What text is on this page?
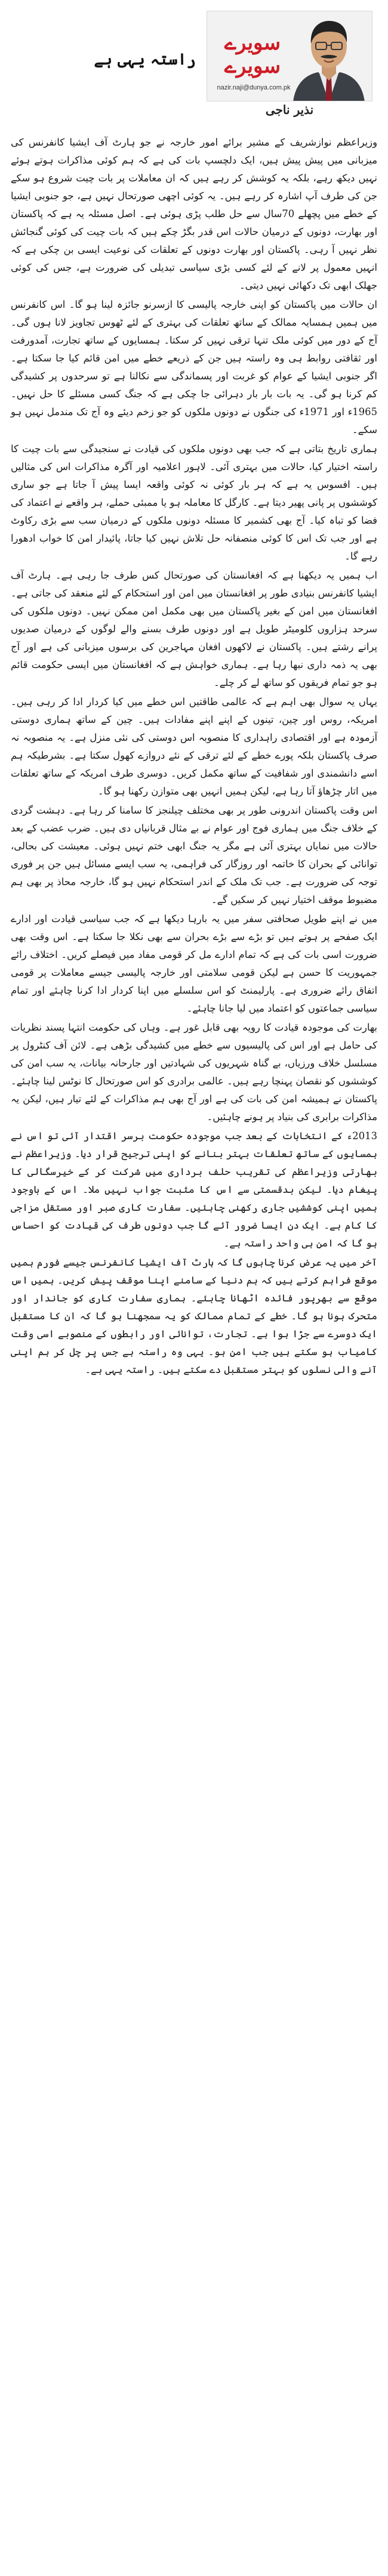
راستہ یہی ہے
سویرے
سویرے
nazir.naji@dunya.com.pk
نذیر ناجی

وزیراعظم نوازشریف کے مشیر برائے امور خارجہ نے جو ہارٹ آف ایشیا کانفرنس کی میزبانی میں پیش پیش ہیں، ایک دلچسپ بات کی ہے کہ ہم کوئی مذاکرات ہوتے ہوئے نہیں دیکھ رہے، بلکہ یہ کوشش کر رہے ہیں کہ ان معاملات پر بات چیت شروع ہو سکے جن کی طرف آپ اشارہ کر رہے ہیں۔ یہ کوئی اچھی صورتحال نہیں ہے، جو جنوبی ایشیا کے خطے میں پچھلے 70سال سے حل طلب پڑی ہوئی ہے۔ اصل مسئلہ یہ ہے کہ پاکستان اور بھارت، دونوں کے درمیان حالات اس قدر بگڑ چکے ہیں کہ بات چیت کی کوئی گنجائش نظر نہیں آ رہی۔ پاکستان اور بھارت دونوں کے تعلقات کی نوعیت ایسی بن چکی ہے کہ انہیں معمول پر لانے کے لئے کسی بڑی سیاسی تبدیلی کی ضرورت ہے، جس کی کوئی جھلک ابھی تک دکھائی نہیں دیتی۔

ان حالات میں پاکستان کو اپنی خارجہ پالیسی کا ازسرنو جائزہ لینا ہو گا۔ اس کانفرنس میں ہمیں ہمسایہ ممالک کے ساتھ تعلقات کی بہتری کے لئے ٹھوس تجاویز لانا ہوں گی۔ آج کے دور میں کوئی ملک تنہا ترقی نہیں کر سکتا۔ ہمسایوں کے ساتھ تجارت، آمدورفت اور ثقافتی روابط ہی وہ راستہ ہیں جن کے ذریعے خطے میں امن قائم کیا جا سکتا ہے۔ اگر جنوبی ایشیا کے عوام کو غربت اور پسماندگی سے نکالنا ہے تو سرحدوں پر کشیدگی کم کرنا ہو گی۔ یہ بات بار بار دہرائی جا چکی ہے کہ جنگ کسی مسئلے کا حل نہیں۔ 1965ء اور 1971ء کی جنگوں نے دونوں ملکوں کو جو زخم دیئے وہ آج تک مندمل نہیں ہو سکے۔

ہماری تاریخ بتاتی ہے کہ جب بھی دونوں ملکوں کی قیادت نے سنجیدگی سے بات چیت کا راستہ اختیار کیا، حالات میں بہتری آئی۔ لاہور اعلامیہ اور آگرہ مذاکرات اس کی مثالیں ہیں۔ افسوس یہ ہے کہ ہر بار کوئی نہ کوئی واقعہ ایسا پیش آ جاتا ہے جو ساری کوششوں پر پانی پھیر دیتا ہے۔ کارگل کا معاملہ ہو یا ممبئی حملے، ہر واقعے نے اعتماد کی فضا کو تباہ کیا۔ آج بھی کشمیر کا مسئلہ دونوں ملکوں کے درمیان سب سے بڑی رکاوٹ ہے اور جب تک اس کا کوئی منصفانہ حل تلاش نہیں کیا جاتا، پائیدار امن کا خواب ادھورا رہے گا۔

اب ہمیں یہ دیکھنا ہے کہ افغانستان کی صورتحال کس طرف جا رہی ہے۔ ہارٹ آف ایشیا کانفرنس بنیادی طور پر افغانستان میں امن اور استحکام کے لئے منعقد کی جاتی ہے۔ افغانستان میں امن کے بغیر پاکستان میں بھی مکمل امن ممکن نہیں۔ دونوں ملکوں کی سرحد ہزاروں کلومیٹر طویل ہے اور دونوں طرف بسنے والے لوگوں کے درمیان صدیوں پرانے رشتے ہیں۔ پاکستان نے لاکھوں افغان مہاجرین کی برسوں میزبانی کی ہے اور آج بھی یہ ذمہ داری نبھا رہا ہے۔ ہماری خواہش ہے کہ افغانستان میں ایسی حکومت قائم ہو جو تمام فریقوں کو ساتھ لے کر چلے۔

یہاں یہ سوال بھی اہم ہے کہ عالمی طاقتیں اس خطے میں کیا کردار ادا کر رہی ہیں۔ امریکہ، روس اور چین، تینوں کے اپنے اپنے مفادات ہیں۔ چین کے ساتھ ہماری دوستی آزمودہ ہے اور اقتصادی راہداری کا منصوبہ اس دوستی کی نئی منزل ہے۔ یہ منصوبہ نہ صرف پاکستان بلکہ پورے خطے کے لئے ترقی کے نئے دروازے کھول سکتا ہے۔ بشرطیکہ ہم اسے دانشمندی اور شفافیت کے ساتھ مکمل کریں۔ دوسری طرف امریکہ کے ساتھ تعلقات میں اتار چڑھاؤ آتا رہا ہے، لیکن ہمیں انہیں بھی متوازن رکھنا ہو گا۔

اس وقت پاکستان اندرونی طور پر بھی مختلف چیلنجز کا سامنا کر رہا ہے۔ دہشت گردی کے خلاف جنگ میں ہماری فوج اور عوام نے بے مثال قربانیاں دی ہیں۔ ضرب عضب کے بعد حالات میں نمایاں بہتری آئی ہے مگر یہ جنگ ابھی ختم نہیں ہوئی۔ معیشت کی بحالی، توانائی کے بحران کا خاتمہ اور روزگار کی فراہمی، یہ سب ایسے مسائل ہیں جن پر فوری توجہ کی ضرورت ہے۔ جب تک ملک کے اندر استحکام نہیں ہو گا، خارجہ محاذ پر بھی ہم مضبوط موقف اختیار نہیں کر سکیں گے۔

میں نے اپنے طویل صحافتی سفر میں یہ بارہا دیکھا ہے کہ جب سیاسی قیادت اور ادارے ایک صفحے پر ہوتے ہیں تو بڑے سے بڑے بحران سے بھی نکلا جا سکتا ہے۔ اس وقت بھی ضرورت اسی بات کی ہے کہ تمام ادارے مل کر قومی مفاد میں فیصلے کریں۔ اختلاف رائے جمہوریت کا حسن ہے لیکن قومی سلامتی اور خارجہ پالیسی جیسے معاملات پر قومی اتفاق رائے ضروری ہے۔ پارلیمنٹ کو اس سلسلے میں اپنا کردار ادا کرنا چاہئے اور تمام سیاسی جماعتوں کو اعتماد میں لیا جانا چاہئے۔

بھارت کی موجودہ قیادت کا رویہ بھی قابل غور ہے۔ وہاں کی حکومت انتہا پسند نظریات کی حامل ہے اور اس کی پالیسیوں سے خطے میں کشیدگی بڑھی ہے۔ لائن آف کنٹرول پر مسلسل خلاف ورزیاں، بے گناہ شہریوں کی شہادتیں اور جارحانہ بیانات، یہ سب امن کی کوششوں کو نقصان پہنچا رہے ہیں۔ عالمی برادری کو اس صورتحال کا نوٹس لینا چاہئے۔ پاکستان نے ہمیشہ امن کی بات کی ہے اور آج بھی ہم مذاکرات کے لئے تیار ہیں، لیکن یہ مذاکرات برابری کی بنیاد پر ہونے چاہئیں۔

2013ء کے انتخابات کے بعد جب موجودہ حکومت برسر اقتدار آئی تو اس نے ہمسایوں کے ساتھ تعلقات بہتر بنانے کو اپنی ترجیح قرار دیا۔ وزیراعظم نے بھارتی وزیراعظم کی تقریب حلف برداری میں شرکت کر کے خیرسگالی کا پیغام دیا۔ لیکن بدقسمتی سے اس کا مثبت جواب نہیں ملا۔ اس کے باوجود ہمیں اپنی کوششیں جاری رکھنی چاہئیں۔ سفارت کاری صبر اور مستقل مزاجی کا کام ہے۔ ایک دن ایسا ضرور آئے گا جب دونوں طرف کی قیادت کو احساس ہو گا کہ امن ہی واحد راستہ ہے۔

آخر میں یہ عرض کرنا چاہوں گا کہ ہارٹ آف ایشیا کانفرنس جیسے فورم ہمیں موقع فراہم کرتے ہیں کہ ہم دنیا کے سامنے اپنا موقف پیش کریں۔ ہمیں اس موقع سے بھرپور فائدہ اٹھانا چاہئے۔ ہماری سفارت کاری کو جاندار اور متحرک ہونا ہو گا۔ خطے کے تمام ممالک کو یہ سمجھنا ہو گا کہ ان کا مستقبل ایک دوسرے سے جڑا ہوا ہے۔ تجارت، توانائی اور رابطوں کے منصوبے اسی وقت کامیاب ہو سکتے ہیں جب امن ہو۔ یہی وہ راستہ ہے جس پر چل کر ہم اپنی آنے والی نسلوں کو بہتر مستقبل دے سکتے ہیں۔ راستہ یہی ہے۔
